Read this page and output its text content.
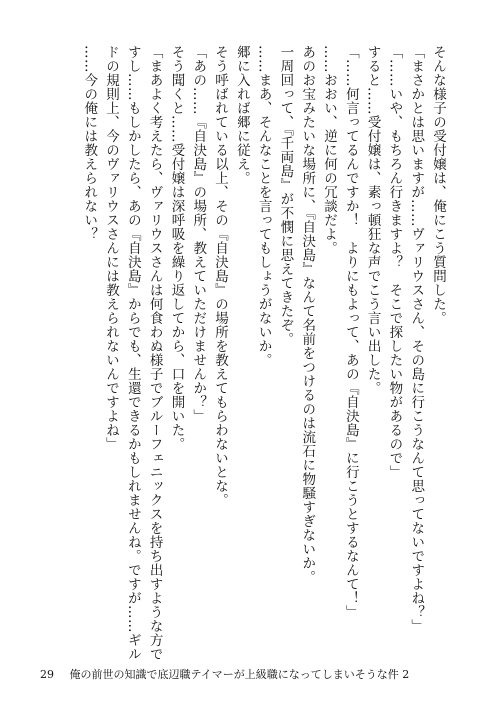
そんな様子の受付嬢は、俺にこう質問した。
「まさかとは思いますが……ヴァリウスさん、その島に行こうなんて思ってないですよね？」
「……いや、もちろん行きますよ？　そこで探したい物があるので」
すると……受付嬢は、素っ頓狂な声でこう言い出した。
「……何言ってるんですか！　よりにもよって、あの『自決島』に行こうとするなんて！」
……おおい、逆に何の冗談だよ。
あのお宝みたいな場所に、『自決島』なんて名前をつけるのは流石に物騒すぎないか。
一周回って、『千両島』が不憫に思えてきたぞ。
……まあ、そんなことを言ってもしょうがないか。
郷に入れば郷に従え。
そう呼ばれている以上、その『自決島』の場所を教えてもらわないとな。
「あの……『自決島』の場所、教えていただけませんか？」
そう聞くと……受付嬢は深呼吸を繰り返してから、口を開いた。
「まあよく考えたら、ヴァリウスさんは何食わぬ様子でブルーフェニックスを持ち出すような方で
すし……もしかしたら、あの『自決島』からでも、生還できるかもしれませんね。ですが……ギル
ドの規則上、今のヴァリウスさんには教えられないんですよね」
……今の俺には教えられない？
29 俺の前世の知識で底辺職テイマーが上級職になってしまいそうな件 2
